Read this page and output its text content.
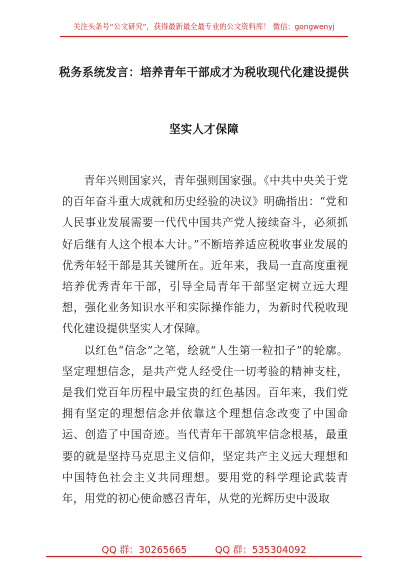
关注头条号“公文研究”，获得最新最全最专业的公文资料库！ 微信：gongwenyj
税务系统发言：培养青年干部成才为税收现代化建设提供
坚实人才保障

青年兴则国家兴，青年强则国家强。《中共中央关于党的百年奋斗重大成就和历史经验的决议》明确指出：“党和人民事业发展需要一代代中国共产党人接续奋斗，必须抓好后继有人这个根本大计。”不断培养适应税收事业发展的优秀年轻干部是其关键所在。近年来，我局一直高度重视培养优秀青年干部，引导全局青年干部坚定树立远大理想，强化业务知识水平和实际操作能力，为新时代税收现代化建设提供坚实人才保障。

以红色“信念”之笔，绘就“人生第一粒扣子”的轮廓。坚定理想信念，是共产党人经受住一切考验的精神支柱，是我们党百年历程中最宝贵的红色基因。百年来，我们党拥有坚定的理想信念并依靠这个理想信念改变了中国命运、创造了中国奇迹。当代青年干部筑牢信念根基，最重要的就是坚持马克思主义信仰，坚定共产主义远大理想和中国特色社会主义共同理想。要用党的科学理论武装青年，用党的初心使命感召青年，从党的光辉历史中汲取

QQ 群：30265665	QQ 群：535304092
